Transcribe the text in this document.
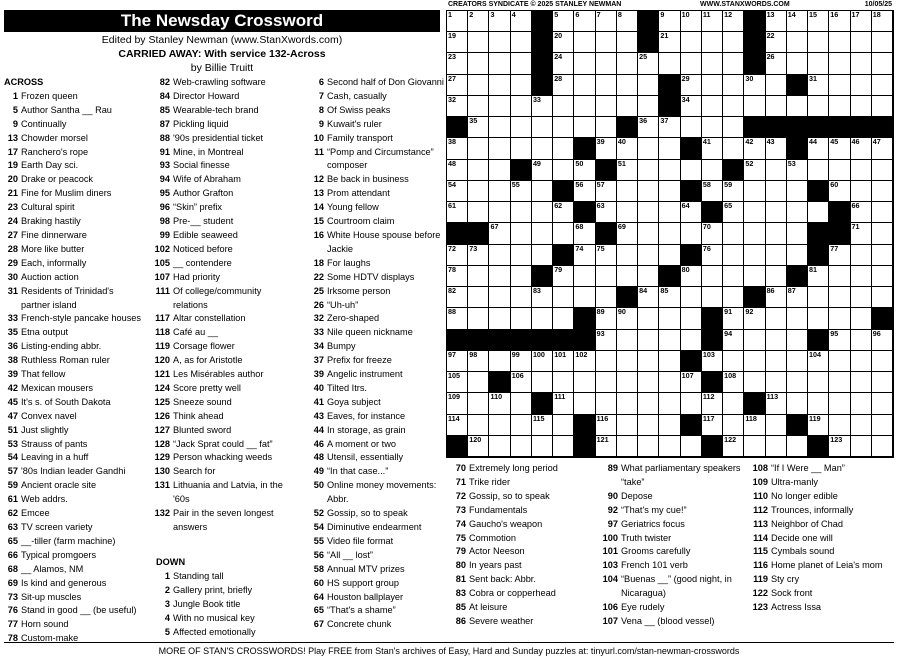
The Newsday Crossword
Edited by Stanley Newman (www.StanXwords.com)
CARRIED AWAY: With service 132-Across
by Billie Truitt
CREATORS SYNDICATE © 2025 STANLEY NEWMAN	WWW.STANXWORDS.COM	10/05/25
1 2 3 4	5 6 7 8	9 10 11 12	13 14 15 16 17 18
19	20	21	22
23	24	25	26
27	28	29	30	31
32	33	34
35	36 37
38	39 40	41	42 43	44 45 46 47
48	49	50	51	52	53
54	55	56 57	58 59	60
61	62	63	64	65	66
67	68	69	70	71
72 73	74 75	76	77
78	79	80	81
82	83	84 85	86 87
88	89 90	91 92
93	94	95	96
97 98	99 100 101 102	103	104
105	106	107	108
109	110	111	112	113
114	115	116	117	118	119
120	121	122	123
ACROSS
1 Frozen queen
5 Author Santha __ Rau
9 Continually
13 Chowder morsel
17 Ranchero's rope
19 Earth Day sci.
20 Drake or peacock
21 Fine for Muslim diners
23 Cultural spirit
24 Braking hastily
27 Fine dinnerware
28 More like butter
29 Each, informally
30 Auction action
31 Residents of Trinidad's
partner island
33 French-style pancake houses
35 Etna output
36 Listing-ending abbr.
38 Ruthless Roman ruler
39 That fellow
42 Mexican mousers
45 It's s. of South Dakota
47 Convex navel
51 Just slightly
53 Strauss of pants
54 Leaving in a huff
57 '80s Indian leader Gandhi
59 Ancient oracle site
61 Web addrs.
62 Emcee
63 TV screen variety
65 __-tiller (farm machine)
66 Typical promgoers
68 __ Alamos, NM
69 Is kind and generous
73 Sit-up muscles
76 Stand in good __ (be useful)
77 Horn sound
78 Custom-make
82 Web-crawling software
84 Director Howard
85 Wearable-tech brand
87 Pickling liquid
88 '90s presidential ticket
91 Mine, in Montreal
93 Social finesse
94 Wife of Abraham
95 Author Grafton
96 “Skin” prefix
98 Pre-__ student
99 Edible seaweed
102 Noticed before
105 __ contendere
107 Had priority
111 Of college/community
relations
117 Altar constellation
118 Café au __
119 Corsage flower
120 A, as for Aristotle
121 Les Misérables author
124 Score pretty well
125 Sneeze sound
126 Think ahead
127 Blunted sword
128 “Jack Sprat could __ fat”
129 Person whacking weeds
130 Search for
131 Lithuania and Latvia, in the
'60s
132 Pair in the seven longest
answers
DOWN
1 Standing tall
2 Gallery print, briefly
3 Jungle Book title
4 With no musical key
5 Affected emotionally
6 Second half of Don Giovanni
7 Cash, casually
8 Of Swiss peaks
9 Kuwait's ruler
10 Family transport
11 “Pomp and Circumstance”
composer
12 Be back in business
13 Prom attendant
14 Young fellow
15 Courtroom claim
16 White House spouse before
Jackie
18 For laughs
22 Some HDTV displays
25 Irksome person
26 “Uh-uh”
32 Zero-shaped
33 Nile queen nickname
34 Bumpy
37 Prefix for freeze
39 Angelic instrument
40 Tilted Itrs.
41 Goya subject
43 Eaves, for instance
44 In storage, as grain
46 A moment or two
48 Utensil, essentially
49 “In that case...”
50 Online money movements:
Abbr.
52 Gossip, so to speak
54 Diminutive endearment
55 Video file format
56 “All __ lost”
58 Annual MTV prizes
60 HS support group
64 Houston ballplayer
65 “That's a shame”
67 Concrete chunk
70 Extremely long period
71 Trike rider
72 Gossip, so to speak
73 Fundamentals
74 Gaucho's weapon
75 Commotion
79 Actor Neeson
80 In years past
81 Sent back: Abbr.
83 Cobra or copperhead
85 At leisure
86 Severe weather
89 What parliamentary speakers
“take”
90 Depose
92 “That's my cue!”
97 Geriatrics focus
100 Truth twister
101 Grooms carefully
103 French 101 verb
104 “Buenas __” (good night, in
Nicaragua)
106 Eye rudely
107 Vena __ (blood vessel)
108 “If I Were __ Man”
109 Ultra-manly
110 No longer edible
112 Trounces, informally
113 Neighbor of Chad
114 Decide one will
115 Cymbals sound
116 Home planet of Leia's mom
119 Sty cry
122 Sock front
123 Actress Issa
MORE OF STAN'S CROSSWORDS! Play FREE from Stan's archives of Easy, Hard and Sunday puzzles at: tinyurl.com/stan-newman-crosswords
